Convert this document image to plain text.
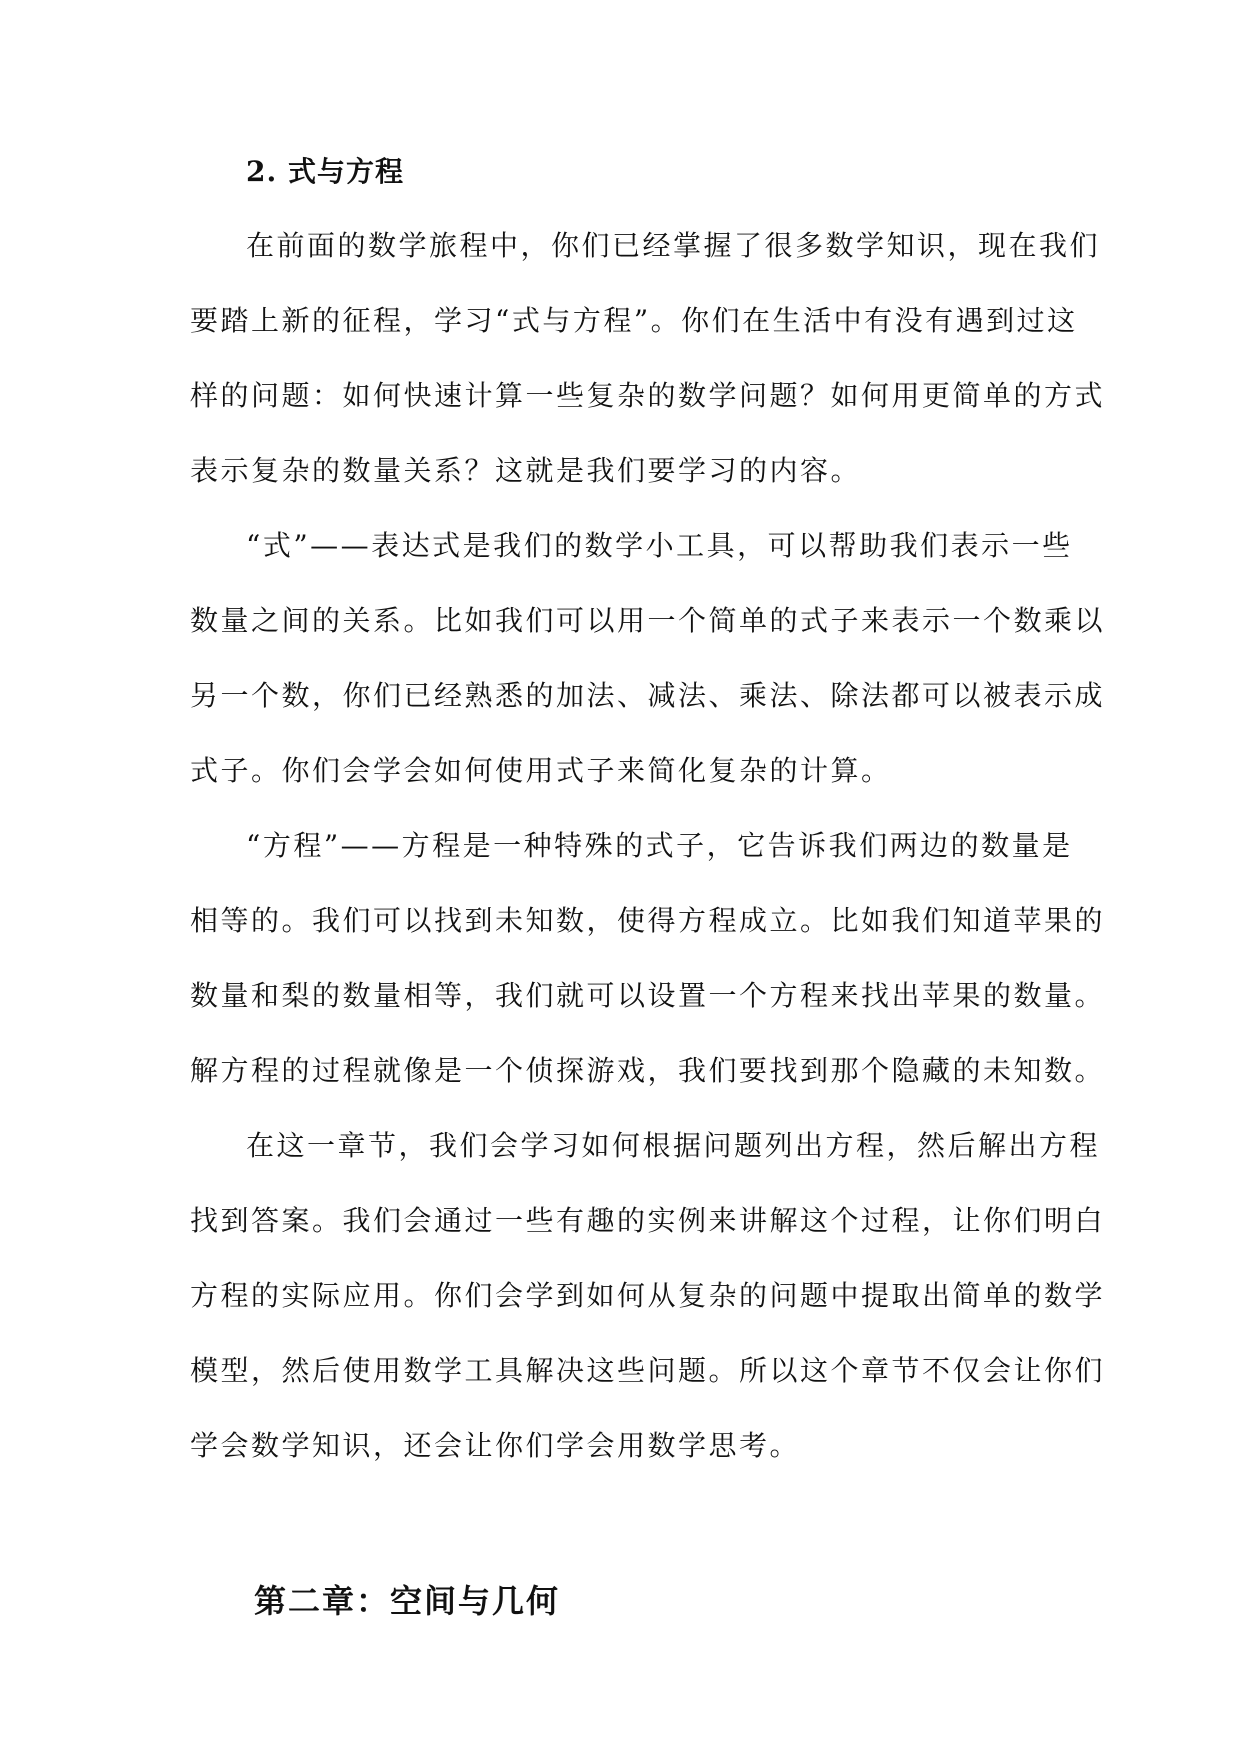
2. 式与方程
在前面的数学旅程中，你们已经掌握了很多数学知识，现在我们
要踏上新的征程，学习“式与方程”。你们在生活中有没有遇到过这
样的问题：如何快速计算一些复杂的数学问题？如何用更简单的方式
表示复杂的数量关系？这就是我们要学习的内容。
“式”——表达式是我们的数学小工具，可以帮助我们表示一些
数量之间的关系。比如我们可以用一个简单的式子来表示一个数乘以
另一个数，你们已经熟悉的加法、减法、乘法、除法都可以被表示成
式子。你们会学会如何使用式子来简化复杂的计算。
“方程”——方程是一种特殊的式子，它告诉我们两边的数量是
相等的。我们可以找到未知数，使得方程成立。比如我们知道苹果的
数量和梨的数量相等，我们就可以设置一个方程来找出苹果的数量。
解方程的过程就像是一个侦探游戏，我们要找到那个隐藏的未知数。
在这一章节，我们会学习如何根据问题列出方程，然后解出方程
找到答案。我们会通过一些有趣的实例来讲解这个过程，让你们明白
方程的实际应用。你们会学到如何从复杂的问题中提取出简单的数学
模型，然后使用数学工具解决这些问题。所以这个章节不仅会让你们
学会数学知识，还会让你们学会用数学思考。
第二章：空间与几何
